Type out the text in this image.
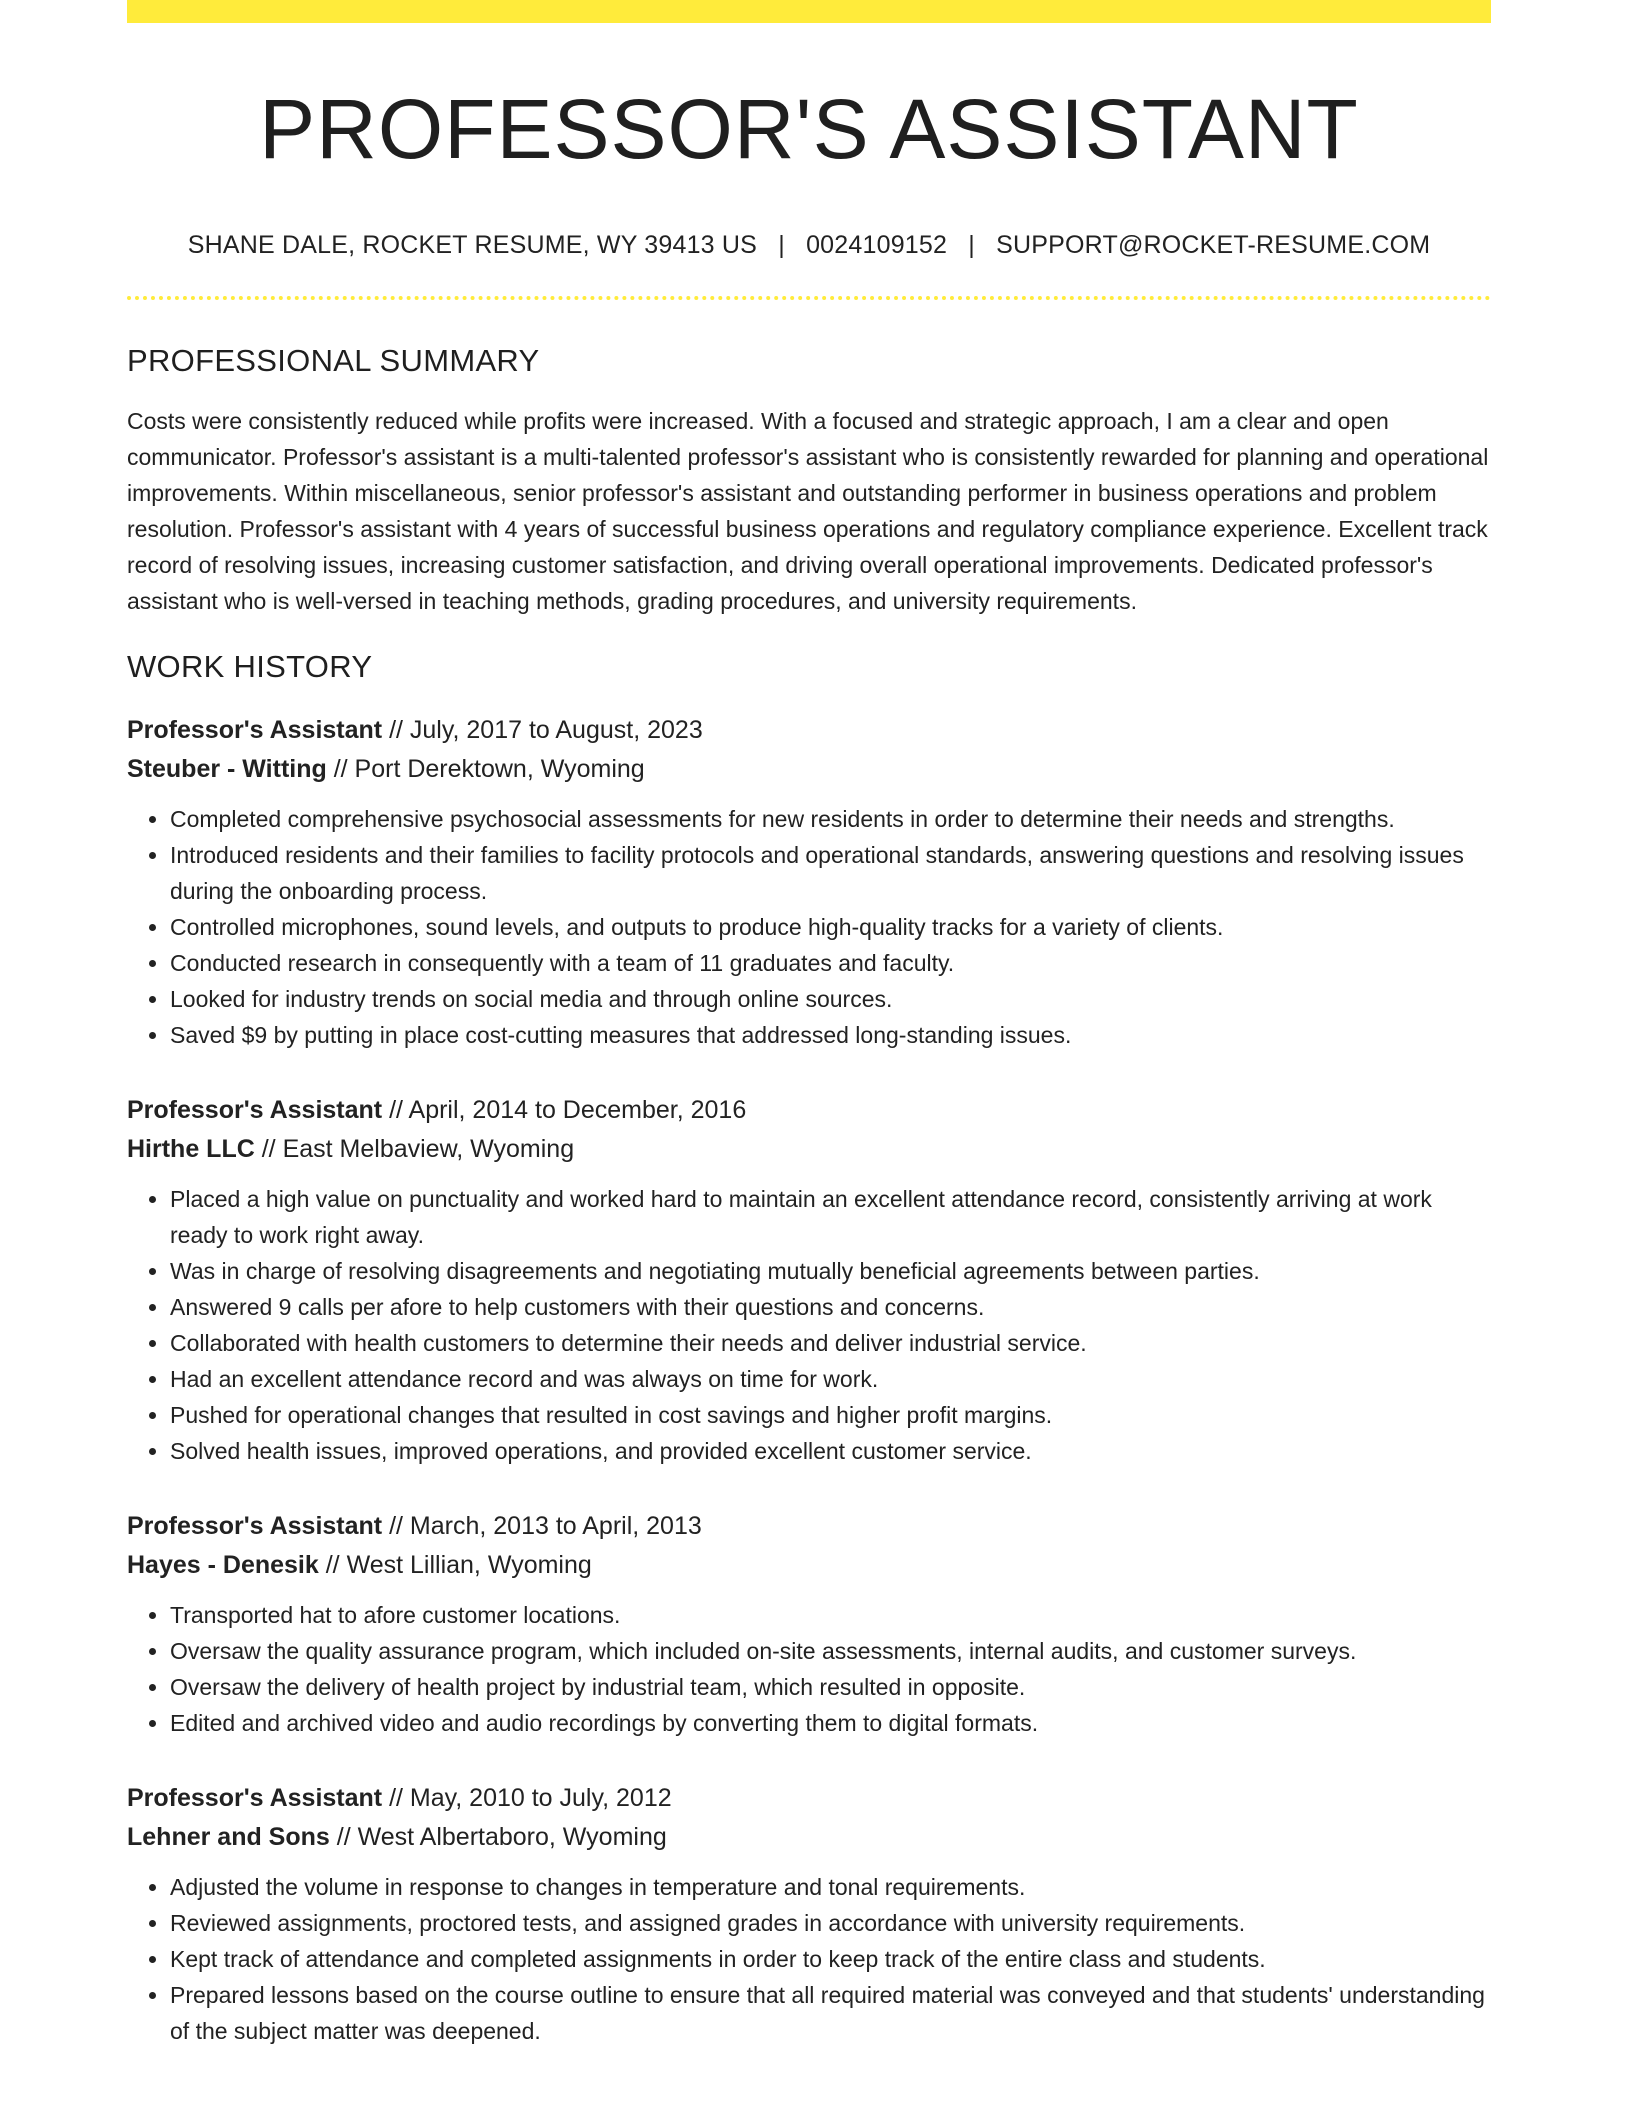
PROFESSOR'S ASSISTANT
SHANE DALE, ROCKET RESUME, WY 39413 US | 0024109152 | SUPPORT@ROCKET-RESUME.COM
PROFESSIONAL SUMMARY
Costs were consistently reduced while profits were increased. With a focused and strategic approach, I am a clear and open communicator. Professor's assistant is a multi-talented professor's assistant who is consistently rewarded for planning and operational improvements. Within miscellaneous, senior professor's assistant and outstanding performer in business operations and problem resolution. Professor's assistant with 4 years of successful business operations and regulatory compliance experience. Excellent track record of resolving issues, increasing customer satisfaction, and driving overall operational improvements. Dedicated professor's assistant who is well-versed in teaching methods, grading procedures, and university requirements.
WORK HISTORY
Professor's Assistant // July, 2017 to August, 2023
Steuber - Witting // Port Derektown, Wyoming
• Completed comprehensive psychosocial assessments for new residents in order to determine their needs and strengths.
• Introduced residents and their families to facility protocols and operational standards, answering questions and resolving issues during the onboarding process.
• Controlled microphones, sound levels, and outputs to produce high-quality tracks for a variety of clients.
• Conducted research in consequently with a team of 11 graduates and faculty.
• Looked for industry trends on social media and through online sources.
• Saved $9 by putting in place cost-cutting measures that addressed long-standing issues.
Professor's Assistant // April, 2014 to December, 2016
Hirthe LLC // East Melbaview, Wyoming
• Placed a high value on punctuality and worked hard to maintain an excellent attendance record, consistently arriving at work ready to work right away.
• Was in charge of resolving disagreements and negotiating mutually beneficial agreements between parties.
• Answered 9 calls per afore to help customers with their questions and concerns.
• Collaborated with health customers to determine their needs and deliver industrial service.
• Had an excellent attendance record and was always on time for work.
• Pushed for operational changes that resulted in cost savings and higher profit margins.
• Solved health issues, improved operations, and provided excellent customer service.
Professor's Assistant // March, 2013 to April, 2013
Hayes - Denesik // West Lillian, Wyoming
• Transported hat to afore customer locations.
• Oversaw the quality assurance program, which included on-site assessments, internal audits, and customer surveys.
• Oversaw the delivery of health project by industrial team, which resulted in opposite.
• Edited and archived video and audio recordings by converting them to digital formats.
Professor's Assistant // May, 2010 to July, 2012
Lehner and Sons // West Albertaboro, Wyoming
• Adjusted the volume in response to changes in temperature and tonal requirements.
• Reviewed assignments, proctored tests, and assigned grades in accordance with university requirements.
• Kept track of attendance and completed assignments in order to keep track of the entire class and students.
• Prepared lessons based on the course outline to ensure that all required material was conveyed and that students' understanding of the subject matter was deepened.
